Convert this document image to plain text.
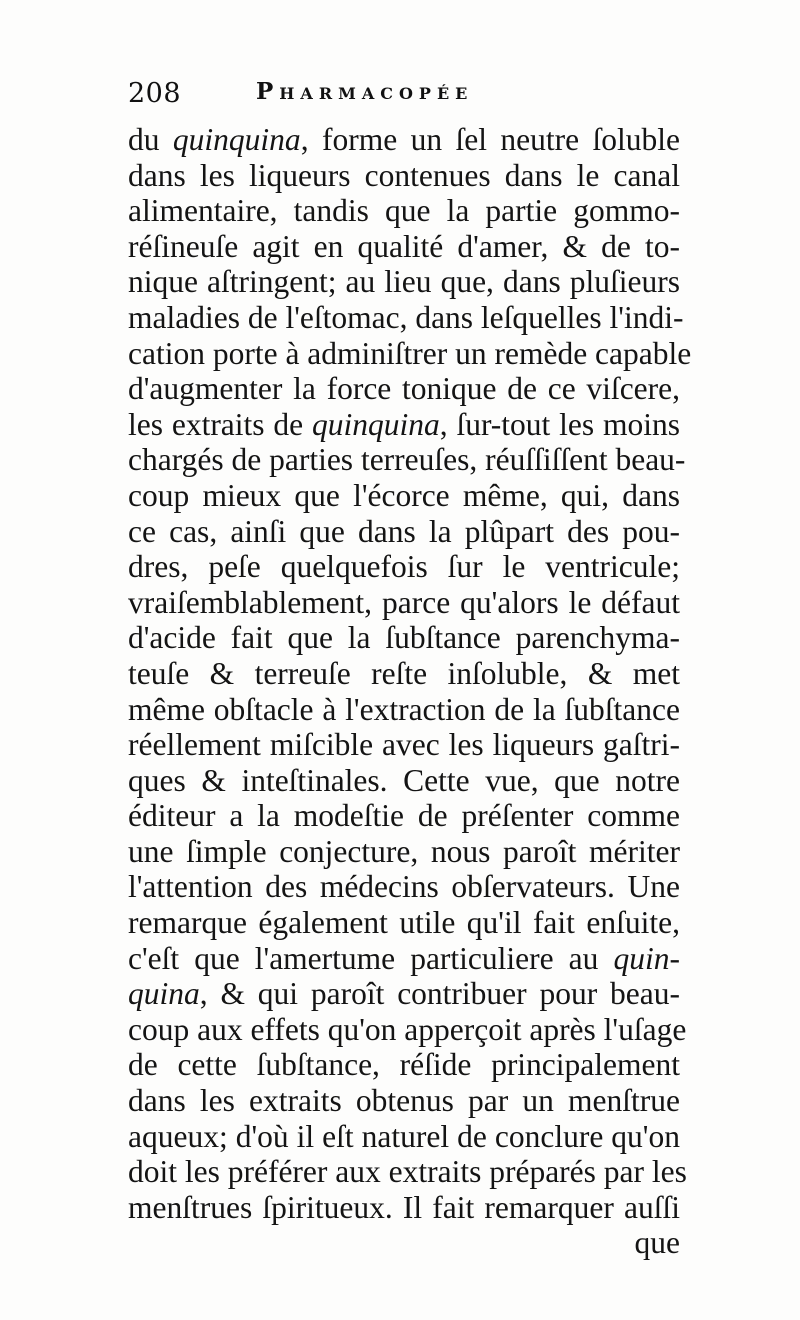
208	Pharmacopée
du quinquina, forme un ſel neutre ſoluble
dans les liqueurs contenues dans le canal
alimentaire, tandis que la partie gommo-
réſineuſe agit en qualité d'amer, & de to-
nique aſtringent; au lieu que, dans pluſieurs
maladies de l'eſtomac, dans leſquelles l'indi-
cation porte à adminiſtrer un remède capable
d'augmenter la force tonique de ce viſcere,
les extraits de quinquina, ſur-tout les moins
chargés de parties terreuſes, réuſſiſſent beau-
coup mieux que l'écorce même, qui, dans
ce cas, ainſi que dans la plûpart des pou-
dres, peſe quelquefois ſur le ventricule;
vraiſemblablement, parce qu'alors le défaut
d'acide fait que la ſubſtance parenchyma-
teuſe & terreuſe reſte inſoluble, & met
même obſtacle à l'extraction de la ſubſtance
réellement miſcible avec les liqueurs gaſtri-
ques & inteſtinales. Cette vue, que notre
éditeur a la modeſtie de préſenter comme
une ſimple conjecture, nous paroît mériter
l'attention des médecins obſervateurs. Une
remarque également utile qu'il fait enſuite,
c'eſt que l'amertume particuliere au quin-
quina, & qui paroît contribuer pour beau-
coup aux effets qu'on apperçoit après l'uſage
de cette ſubſtance, réſide principalement
dans les extraits obtenus par un menſtrue
aqueux; d'où il eſt naturel de conclure qu'on
doit les préférer aux extraits préparés par les
menſtrues ſpiritueux. Il fait remarquer auſſi
que
